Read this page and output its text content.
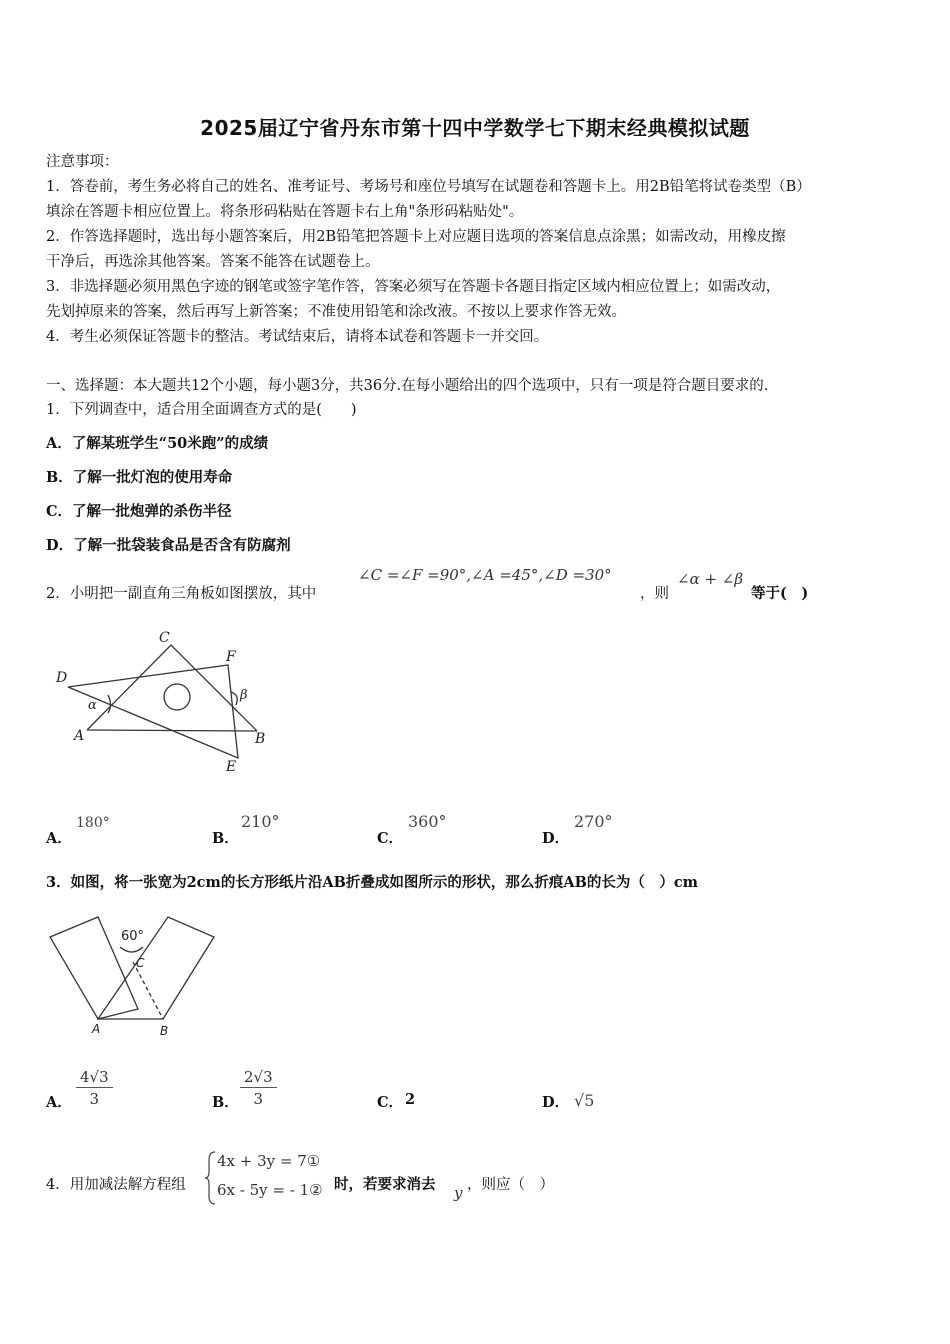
2025届辽宁省丹东市第十四中学数学七下期末经典模拟试题
注意事项：
1．答卷前，考生务必将自己的姓名、准考证号、考场号和座位号填写在试题卷和答题卡上。用2B铅笔将试卷类型（B）
填涂在答题卡相应位置上。将条形码粘贴在答题卡右上角"条形码粘贴处"。
2．作答选择题时，选出每小题答案后，用2B铅笔把答题卡上对应题目选项的答案信息点涂黑；如需改动，用橡皮擦
干净后，再选涂其他答案。答案不能答在试题卷上。
3．非选择题必须用黑色字迹的钢笔或签字笔作答，答案必须写在答题卡各题目指定区域内相应位置上；如需改动，
先划掉原来的答案，然后再写上新答案；不准使用铅笔和涂改液。不按以上要求作答无效。
4．考生必须保证答题卡的整洁。考试结束后，请将本试卷和答题卡一并交回。
一、选择题：本大题共12个小题，每小题3分，共36分.在每小题给出的四个选项中，只有一项是符合题目要求的.
1．下列调查中，适合用全面调查方式的是(　　)
A．了解某班学生“50米跑”的成绩
B．了解一批灯泡的使用寿命
C．了解一批炮弹的杀伤半径
D．了解一批袋装食品是否含有防腐剂
2．小明把一副直角三角板如图摆放，其中
∠C =∠F =90°,∠A =45°,∠D =30°
，则
∠α + ∠β
等于(　)
C
F
D
A	B
E
α
β
A．
180°
B．
210°
C．
360°
D．
270°
3．如图，将一张宽为2cm的长方形纸片沿AB折叠成如图所示的形状，那么折痕AB的长为（　）cm
60°
C
A	B
A． $\frac{4√3}{3}$	B． $\frac{2√3}{3}$	C． 2	D． √5
4．用加减法解方程组
4x + 3y = 7①
6x - 5y = - 1② 时，若要求消去 y ，则应（　）
